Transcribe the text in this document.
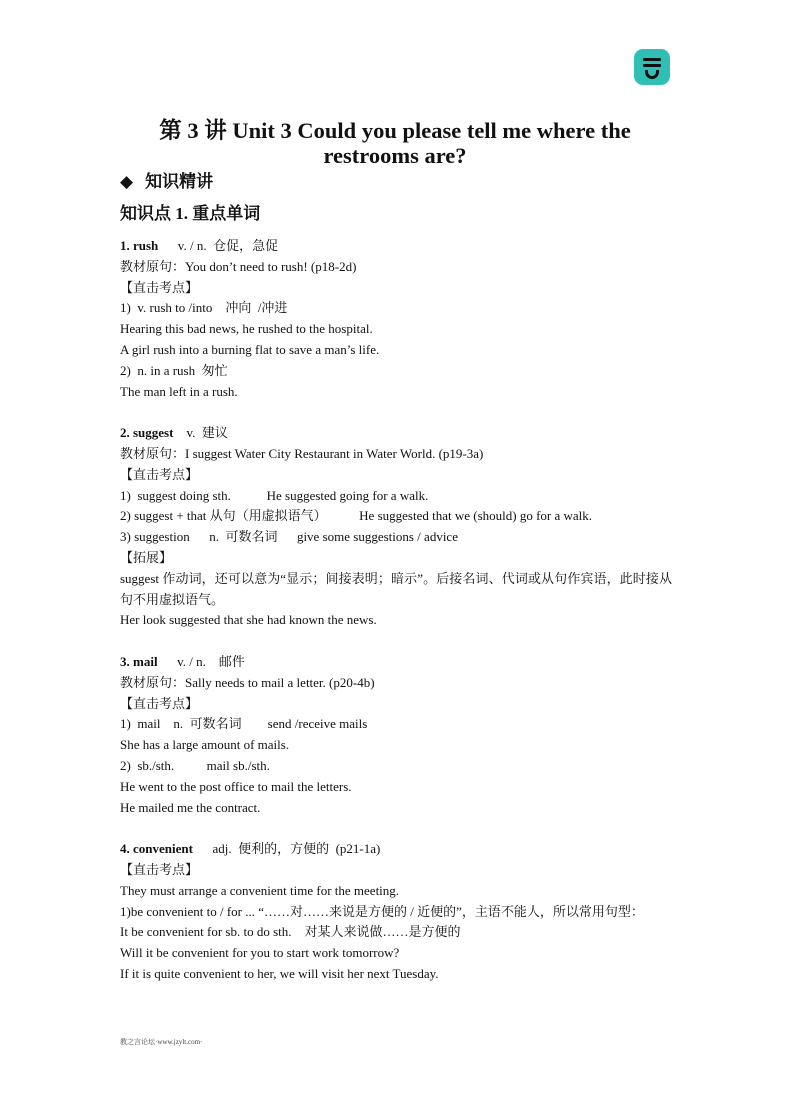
第 3 讲 Unit 3 Could you please tell me where the
restrooms are?
◆ 知识精讲
知识点 1. 重点单词
1. rush      v. / n.  仓促，急促
教材原句：You don’t need to rush! (p18-2d)
【直击考点】
1)  v. rush to /into    冲向  /冲进
Hearing this bad news, he rushed to the hospital.
A girl rush into a burning flat to save a man’s life.
2)  n. in a rush  匆忙
The man left in a rush.
2. suggest    v.  建议
教材原句：I suggest Water City Restaurant in Water World. (p19-3a)
【直击考点】
1)  suggest doing sth.           He suggested going for a walk.
2) suggest + that 从句（用虚拟语气）          He suggested that we (should) go for a walk.
3) suggestion      n.  可数名词      give some suggestions / advice
【拓展】
suggest 作动词，还可以意为“显示；间接表明；暗示”。后接名词、代词或从句作宾语，此时接从句不用虚拟语气。
Her look suggested that she had known the news.
3. mail      v. / n.    邮件
教材原句：Sally needs to mail a letter. (p20-4b)
【直击考点】
1)  mail    n.  可数名词        send /receive mails
She has a large amount of mails.
2)  sb./sth.          mail sb./sth.
He went to the post office to mail the letters.
He mailed me the contract.
4. convenient      adj.  便利的，方便的  (p21-1a)
【直击考点】
They must arrange a convenient time for the meeting.
1)be convenient to / for ... “……对……来说是方便的 / 近便的”，主语不能人，所以常用句型：
It be convenient for sb. to do sth.    对某人来说做……是方便的
Will it be convenient for you to start work tomorrow?
If it is quite convenient to her, we will visit her next Tuesday.
教之言论坛·www.jzylt.com·
